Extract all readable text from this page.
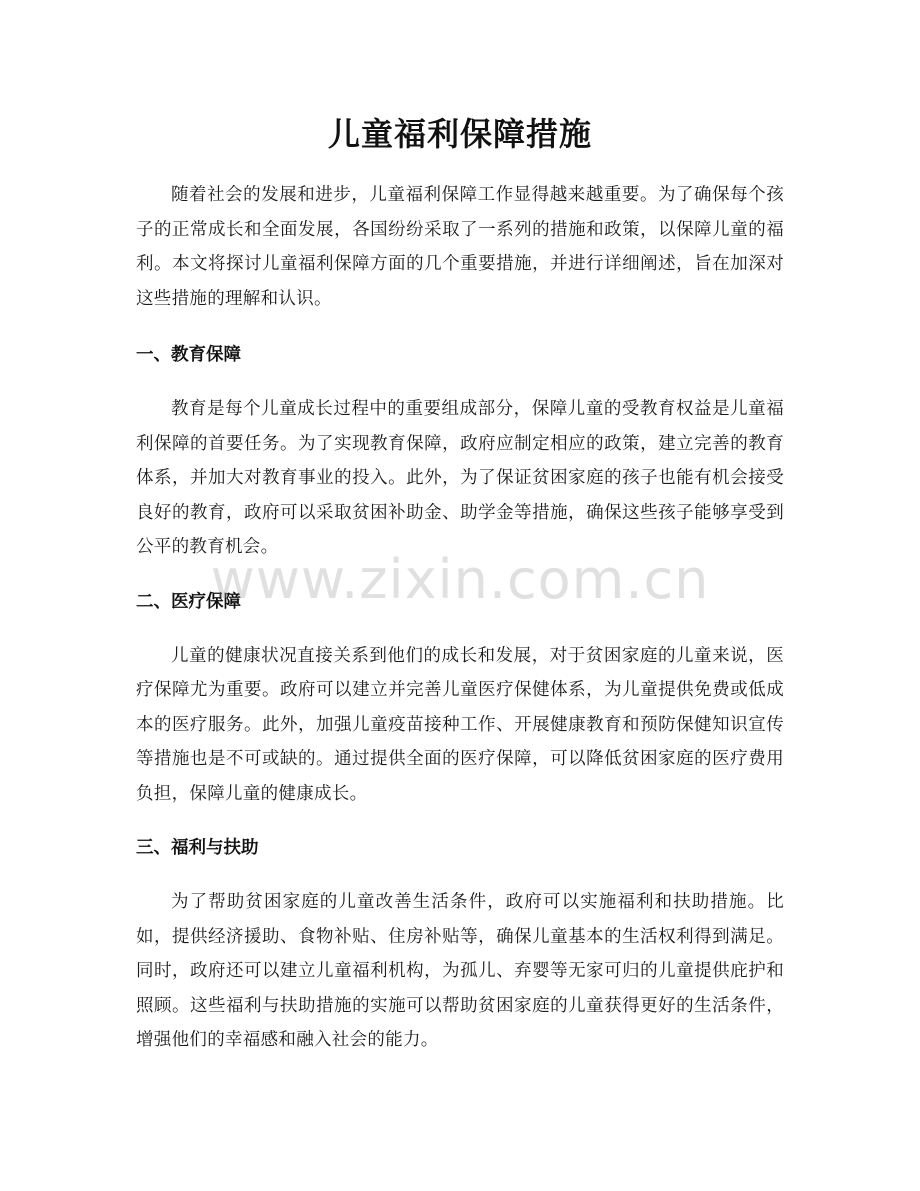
儿童福利保障措施

随着社会的发展和进步，儿童福利保障工作显得越来越重要。为了确保每个孩子的正常成长和全面发展，各国纷纷采取了一系列的措施和政策，以保障儿童的福利。本文将探讨儿童福利保障方面的几个重要措施，并进行详细阐述，旨在加深对这些措施的理解和认识。

一、教育保障

教育是每个儿童成长过程中的重要组成部分，保障儿童的受教育权益是儿童福利保障的首要任务。为了实现教育保障，政府应制定相应的政策，建立完善的教育体系，并加大对教育事业的投入。此外，为了保证贫困家庭的孩子也能有机会接受良好的教育，政府可以采取贫困补助金、助学金等措施，确保这些孩子能够享受到公平的教育机会。

二、医疗保障

儿童的健康状况直接关系到他们的成长和发展，对于贫困家庭的儿童来说，医疗保障尤为重要。政府可以建立并完善儿童医疗保健体系，为儿童提供免费或低成本的医疗服务。此外，加强儿童疫苗接种工作、开展健康教育和预防保健知识宣传等措施也是不可或缺的。通过提供全面的医疗保障，可以降低贫困家庭的医疗费用负担，保障儿童的健康成长。

三、福利与扶助

为了帮助贫困家庭的儿童改善生活条件，政府可以实施福利和扶助措施。比如，提供经济援助、食物补贴、住房补贴等，确保儿童基本的生活权利得到满足。同时，政府还可以建立儿童福利机构，为孤儿、弃婴等无家可归的儿童提供庇护和照顾。这些福利与扶助措施的实施可以帮助贫困家庭的儿童获得更好的生活条件，增强他们的幸福感和融入社会的能力。

www.zixin.com.cn
